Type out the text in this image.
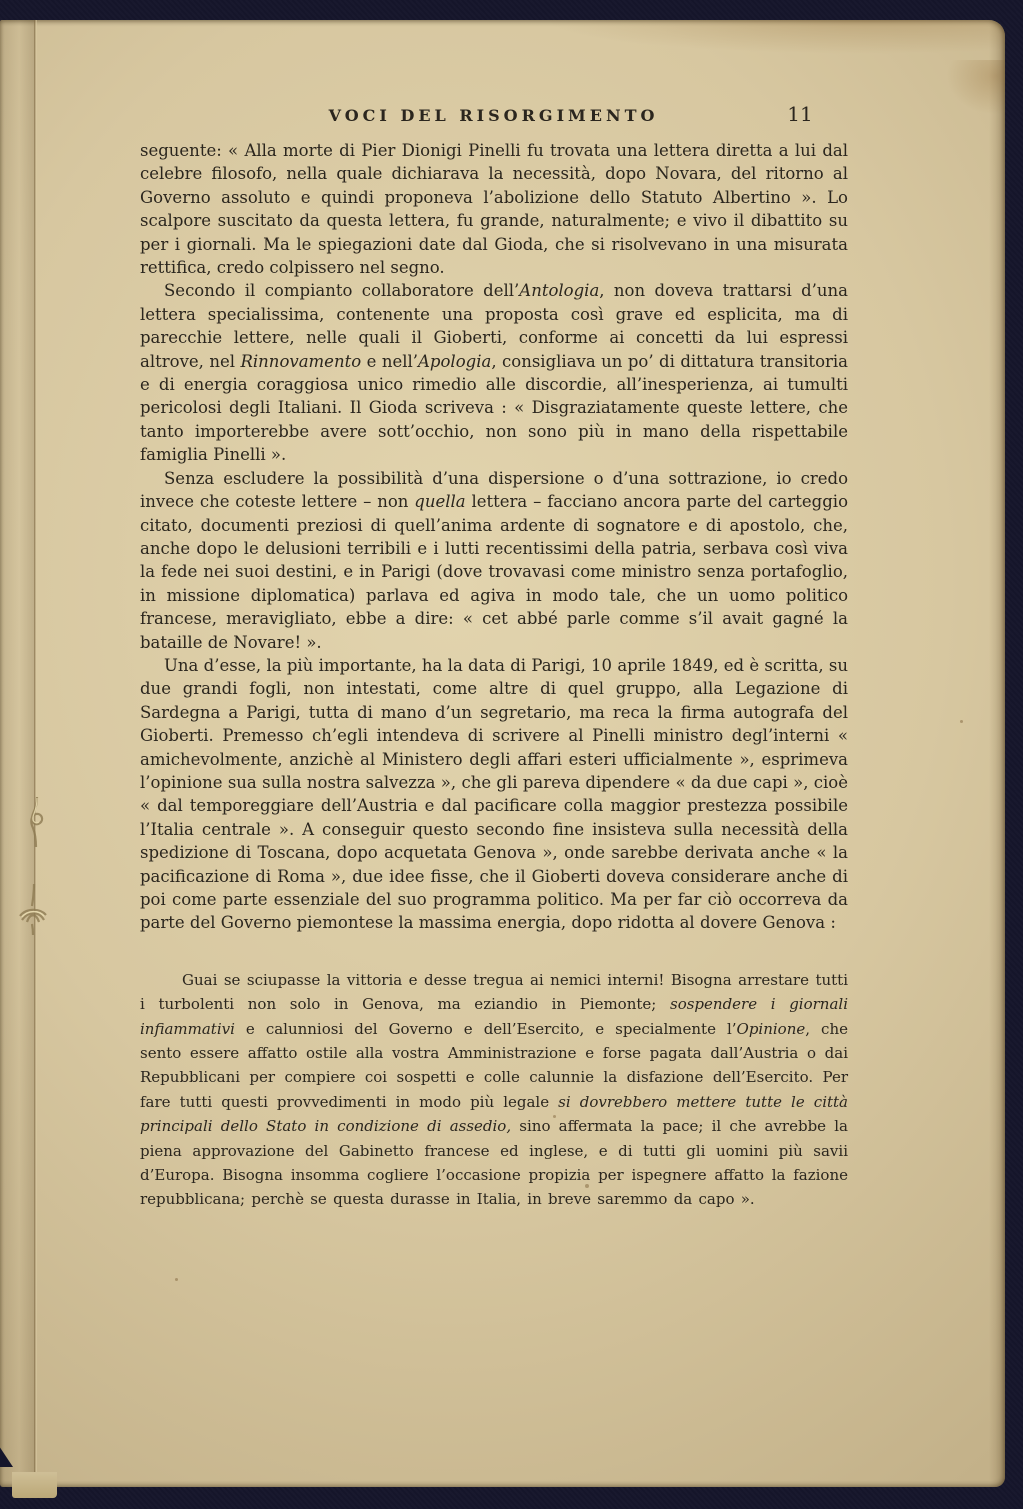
VOCI DEL RISORGIMENTO	11

seguente: « Alla morte di Pier Dionigi Pinelli fu trovata una lettera diretta a lui dal celebre filosofo, nella quale dichiarava la necessità, dopo Novara, del ritorno al Governo assoluto e quindi proponeva l’abolizione dello Statuto Albertino ». Lo scalpore suscitato da questa lettera, fu grande, naturalmente; e vivo il dibattito su per i giornali. Ma le spiegazioni date dal Gioda, che si risolvevano in una misurata rettifica, credo colpissero nel segno.

Secondo il compianto collaboratore dell’Antologia, non doveva trattarsi d’una lettera specialissima, contenente una proposta così grave ed esplicita, ma di parecchie lettere, nelle quali il Gioberti, conforme ai concetti da lui espressi altrove, nel Rinnovamento e nell’Apologia, consigliava un po’ di dittatura transitoria e di energia coraggiosa unico rimedio alle discordie, all’inesperienza, ai tumulti pericolosi degli Italiani. Il Gioda scriveva : « Disgraziatamente queste lettere, che tanto importerebbe avere sott’occhio, non sono più in mano della rispettabile famiglia Pinelli ».

Senza escludere la possibilità d’una dispersione o d’una sottrazione, io credo invece che coteste lettere – non quella lettera – facciano ancora parte del carteggio citato, documenti preziosi di quell’anima ardente di sognatore e di apostolo, che, anche dopo le delusioni terribili e i lutti recentissimi della patria, serbava così viva la fede nei suoi destini, e in Parigi (dove trovavasi come ministro senza portafoglio, in missione diplomatica) parlava ed agiva in modo tale, che un uomo politico francese, meravigliato, ebbe a dire: « cet abbé parle comme s’il avait gagné la bataille de Novare! ».

Una d’esse, la più importante, ha la data di Parigi, 10 aprile 1849, ed è scritta, su due grandi fogli, non intestati, come altre di quel gruppo, alla Legazione di Sardegna a Parigi, tutta di mano d’un segretario, ma reca la firma autografa del Gioberti. Premesso ch’egli intendeva di scrivere al Pinelli ministro degl’interni « amichevolmente, anzichè al Ministero degli affari esteri ufficialmente », esprimeva l’opinione sua sulla nostra salvezza », che gli pareva dipendere « da due capi », cioè « dal temporeggiare dell’Austria e dal pacificare colla maggior prestezza possibile l’Italia centrale ». A conseguir questo secondo fine insisteva sulla necessità della spedizione di Toscana, dopo acquetata Genova », onde sarebbe derivata anche « la pacificazione di Roma », due idee fisse, che il Gioberti doveva considerare anche di poi come parte essenziale del suo programma politico. Ma per far ciò occorreva da parte del Governo piemontese la massima energia, dopo ridotta al dovere Genova :

Guai se sciupasse la vittoria e desse tregua ai nemici interni! Bisogna arrestare tutti i turbolenti non solo in Genova, ma eziandio in Piemonte; sospendere i giornali infiammativi e calunniosi del Governo e dell’Esercito, e specialmente l’Opinione, che sento essere affatto ostile alla vostra Amministrazione e forse pagata dall’Austria o dai Repubblicani per compiere coi sospetti e colle calunnie la disfazione dell’Esercito. Per fare tutti questi provvedimenti in modo più legale si dovrebbero mettere tutte le città principali dello Stato in condizione di assedio, sino affermata la pace; il che avrebbe la piena approvazione del Gabinetto francese ed inglese, e di tutti gli uomini più savii d’Europa. Bisogna insomma cogliere l’occasione propizia per ispegnere affatto la fazione repubblicana; perchè se questa durasse in Italia, in breve saremmo da capo ».
